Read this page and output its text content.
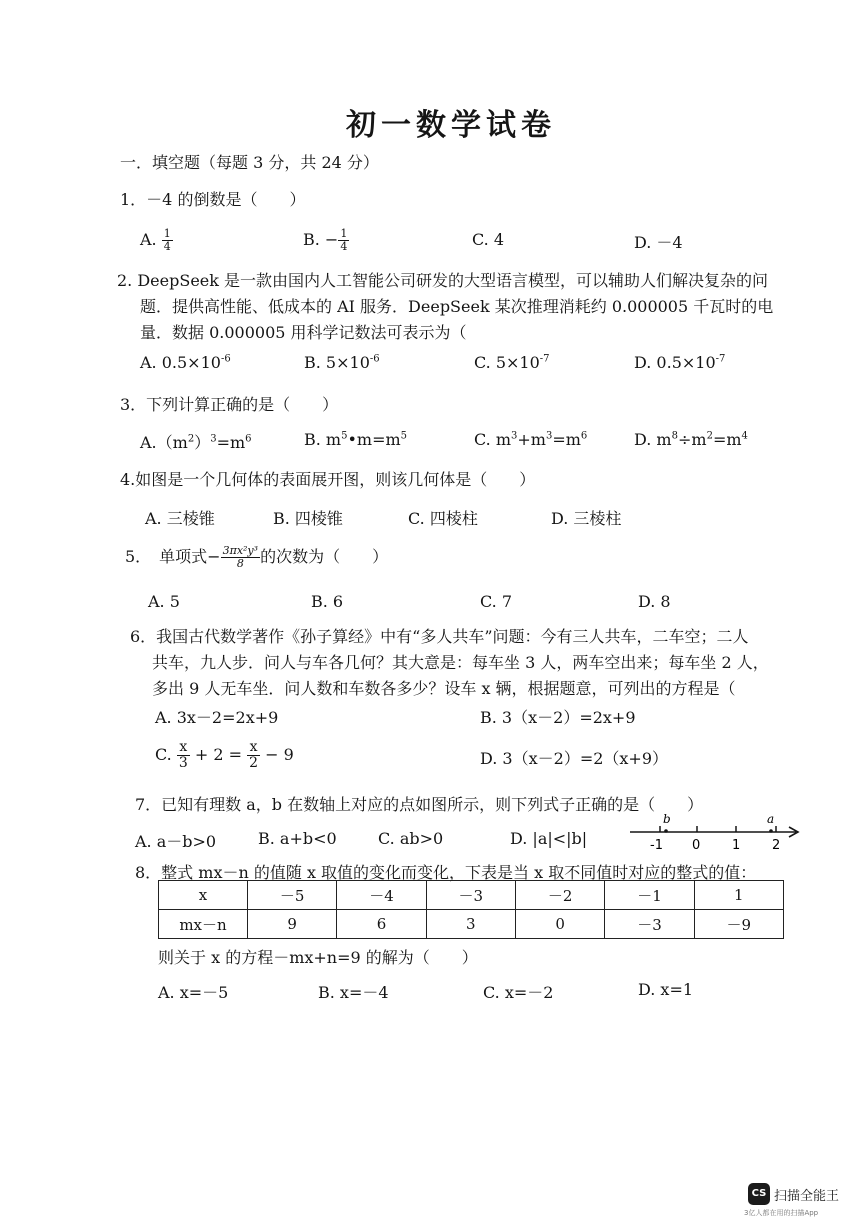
初一数学试卷
一．填空题（每题 3 分，共 24 分）
1．－4 的倒数是（　　）
A. $\frac{1}{4}$	B. − $\frac{1}{4}$	C. 4	D. －4
2. DeepSeek 是一款由国内人工智能公司研发的大型语言模型，可以辅助人们解决复杂的问
题．提供高性能、低成本的 AI 服务．DeepSeek 某次推理消耗约 0.000005 千瓦时的电
量．数据 0.000005 用科学记数法可表示为（
A. $0.5\times 10^{-6}$	B. $5\times 10^{-6}$	C. $5\times 10^{-7}$	D. $0.5\times 10^{-7}$
3．下列计算正确的是（　　）
$A.(m^2)^3=m^6$	B. $m^5•m=m^5$	C. $m^3+m^3=m^6$	D. $m^8\div m^2=m^4$
4.如图是一个几何体的表面展开图，则该几何体是（　　）
A. 三棱锥	B. 四棱锥	C. 四棱柱	D. 三棱柱
5．　单项式− $\frac{\text{3πx²y³}}{8}$ 的次数为（　　）
A. 5	B. 6	C. 7	D. 8
6．我国古代数学著作《孙子算经》中有“多人共车”问题：今有三人共车，二车空；二人
共车，九人步．问人与车各几何？其大意是：每车坐 3 人，两车空出来；每车坐 2 人，
多出 9 人无车坐．问人数和车数各多少？设车 x 辆，根据题意，可列出的方程是（
A. 3x－2=2x+9	B. 3（x－2）=2x+9
C. $\frac{x}{3} + 2 = \frac{x}{2} - 9$	D. 3（x－2）=2（x+9）
7．已知有理数 a，b 在数轴上对应的点如图所示，则下列式子正确的是（　　）
A. a－b>0	B. a+b<0	C. ab>0	D. |a|<|b|
b	a
-1 0 1 2
8．整式 mx－n 的值随 x 取值的变化而变化，下表是当 x 取不同值时对应的整式的值：
x	－5	－4	－3	－2	－1	1
mx－n	9	6	3	0	－3	－9
则关于 x 的方程－mx+n=9 的解为（　　）
A. x=－5	B. x=－4	C. x=－2	D. x=1
CS 扫描全能王
3亿人都在用的扫描App
